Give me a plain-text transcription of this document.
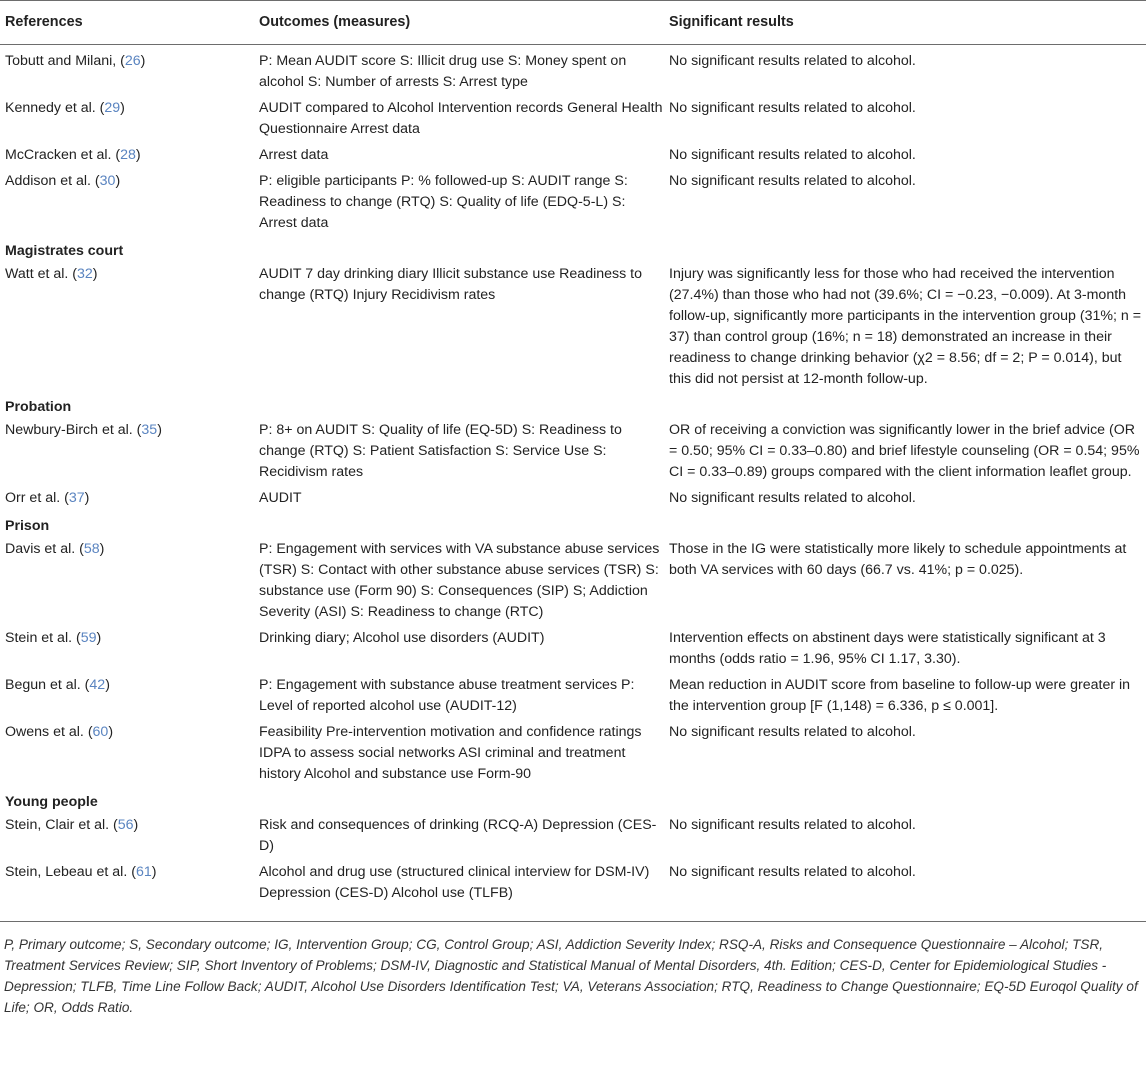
References	Outcomes (measures)	Significant results
Tobutt and Milani, (26)	P: Mean AUDIT score S: Illicit drug use S: Money spent on alcohol S: Number of arrests S: Arrest type	No significant results related to alcohol.
Kennedy et al. (29)	AUDIT compared to Alcohol Intervention records General Health Questionnaire Arrest data	No significant results related to alcohol.
McCracken et al. (28)	Arrest data	No significant results related to alcohol.
Addison et al. (30)	P: eligible participants P: % followed-up S: AUDIT range S: Readiness to change (RTQ) S: Quality of life (EDQ-5-L) S: Arrest data	No significant results related to alcohol.
Magistrates court		
Watt et al. (32)	AUDIT 7 day drinking diary Illicit substance use Readiness to change (RTQ) Injury Recidivism rates	Injury was significantly less for those who had received the intervention (27.4%) than those who had not (39.6%; CI = −0.23, −0.009). At 3-month follow-up, significantly more participants in the intervention group (31%; n = 37) than control group (16%; n = 18) demonstrated an increase in their readiness to change drinking behavior (χ2 = 8.56; df = 2; P = 0.014), but this did not persist at 12-month follow-up.
Probation		
Newbury-Birch et al. (35)	P: 8+ on AUDIT S: Quality of life (EQ-5D) S: Readiness to change (RTQ) S: Patient Satisfaction S: Service Use S: Recidivism rates	OR of receiving a conviction was significantly lower in the brief advice (OR = 0.50; 95% CI = 0.33–0.80) and brief lifestyle counseling (OR = 0.54; 95% CI = 0.33–0.89) groups compared with the client information leaflet group.
Orr et al. (37)	AUDIT	No significant results related to alcohol.
Prison		
Davis et al. (58)	P: Engagement with services with VA substance abuse services (TSR) S: Contact with other substance abuse services (TSR) S: substance use (Form 90) S: Consequences (SIP) S; Addiction Severity (ASI) S: Readiness to change (RTC)	Those in the IG were statistically more likely to schedule appointments at both VA services with 60 days (66.7 vs. 41%; p = 0.025).
Stein et al. (59)	Drinking diary; Alcohol use disorders (AUDIT)	Intervention effects on abstinent days were statistically significant at 3 months (odds ratio = 1.96, 95% CI 1.17, 3.30).
Begun et al. (42)	P: Engagement with substance abuse treatment services P: Level of reported alcohol use (AUDIT-12)	Mean reduction in AUDIT score from baseline to follow-up were greater in the intervention group [F (1,148) = 6.336, p ≤ 0.001].
Owens et al. (60)	Feasibility Pre-intervention motivation and confidence ratings IDPA to assess social networks ASI criminal and treatment history Alcohol and substance use Form-90	No significant results related to alcohol.
Young people		
Stein, Clair et al. (56)	Risk and consequences of drinking (RCQ-A) Depression (CES-D)	No significant results related to alcohol.
Stein, Lebeau et al. (61)	Alcohol and drug use (structured clinical interview for DSM-IV) Depression (CES-D) Alcohol use (TLFB)	No significant results related to alcohol.
P, Primary outcome; S, Secondary outcome; IG, Intervention Group; CG, Control Group; ASI, Addiction Severity Index; RSQ-A, Risks and Consequence Questionnaire – Alcohol; TSR, Treatment Services Review; SIP, Short Inventory of Problems; DSM-IV, Diagnostic and Statistical Manual of Mental Disorders, 4th. Edition; CES-D, Center for Epidemiological Studies - Depression; TLFB, Time Line Follow Back; AUDIT, Alcohol Use Disorders Identification Test; VA, Veterans Association; RTQ, Readiness to Change Questionnaire; EQ-5D Euroqol Quality of Life; OR, Odds Ratio.
